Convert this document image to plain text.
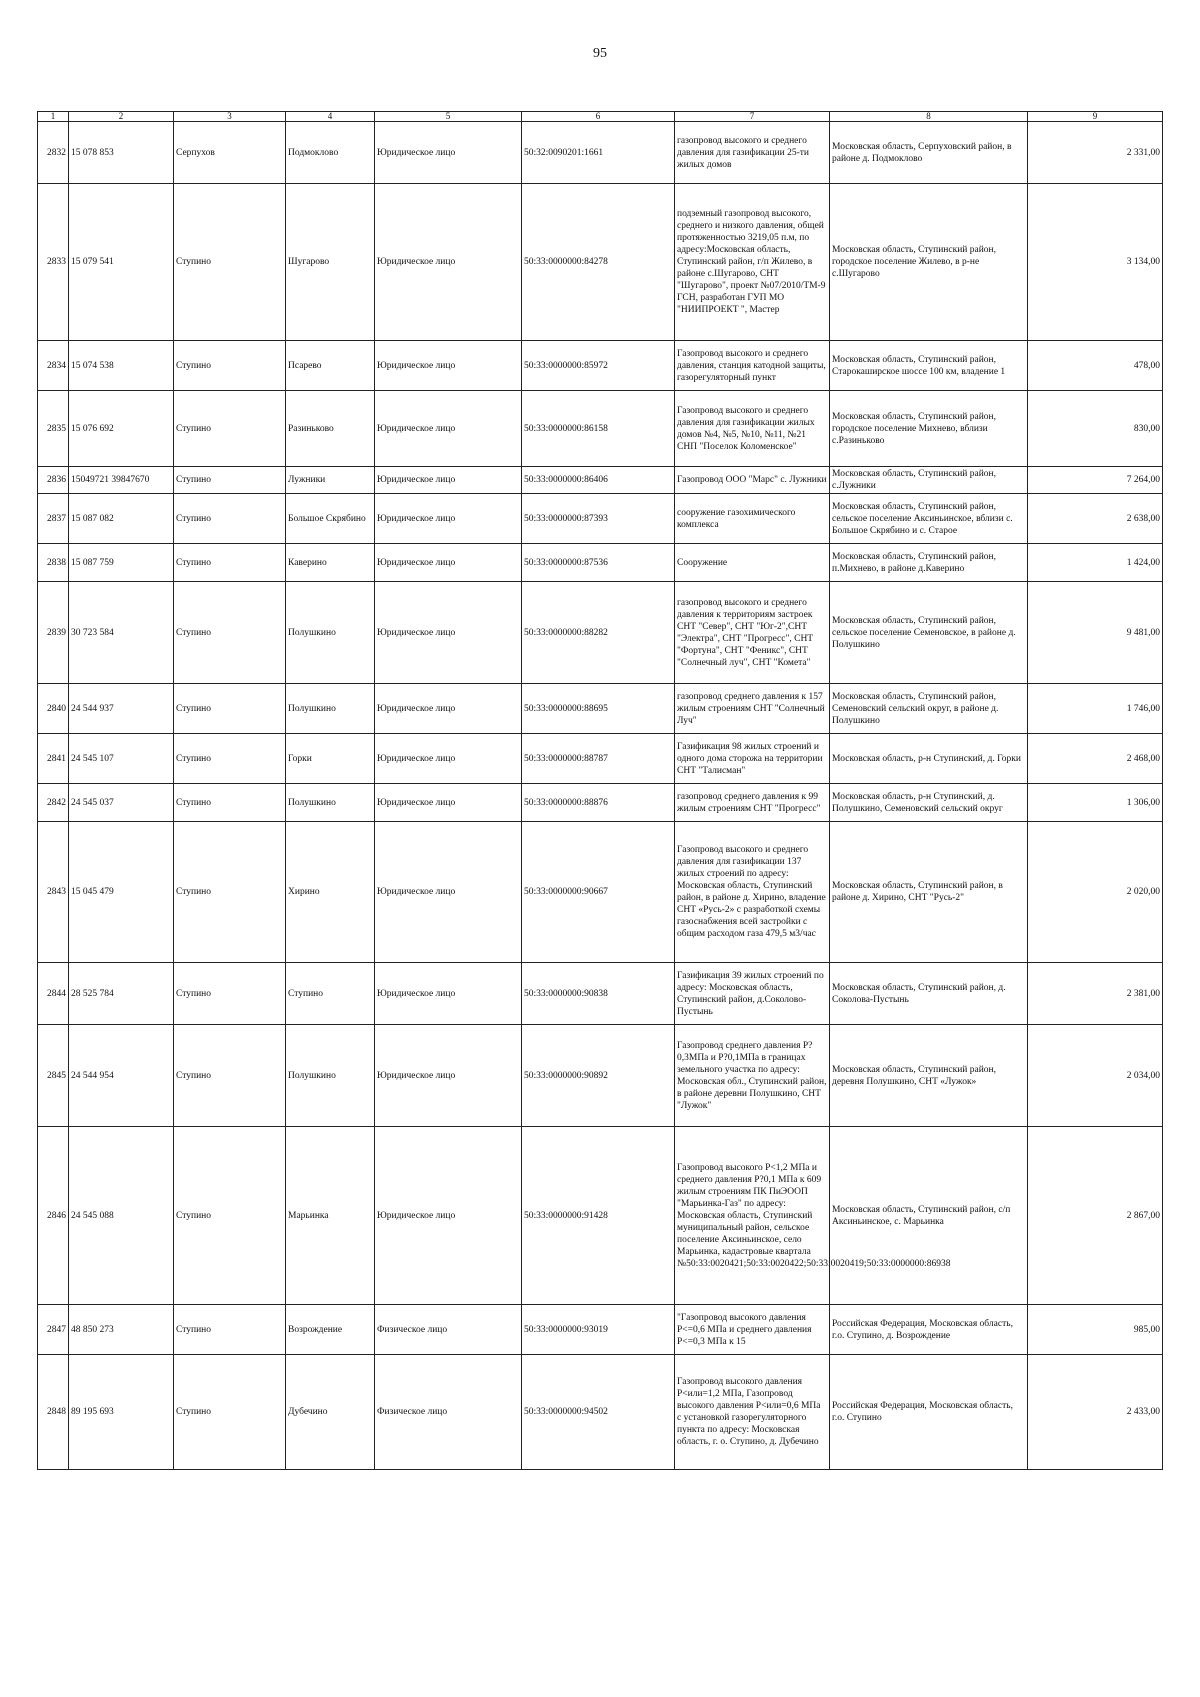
95
1	2	3	4	5	6	7	8	9
2832	15 078 853	Серпухов	Подмоклово	Юридическое лицо	50:32:0090201:1661	газопровод высокого и среднего давления для газификации 25-ти жилых домов	Московская область, Серпуховский район, в районе д. Подмоклово	2 331,00
2833	15 079 541	Ступино	Шугарово	Юридическое лицо	50:33:0000000:84278	подземный газопровод высокого, среднего и низкого давления, общей протяженностью 3219,05 п.м, по адресу:Московская область, Ступинский район, г/п Жилево, в районе с.Шугарово, СНТ "Шугарово", проект №07/2010/ТМ-9 ГСН, разработан ГУП МО "НИИПРОЕКТ ", Мастер	Московская область, Ступинский район, городское поселение Жилево, в р-не с.Шугарово	3 134,00
2834	15 074 538	Ступино	Псарево	Юридическое лицо	50:33:0000000:85972	Газопровод высокого и среднего давления, станция катодной защиты, газорегуляторный пункт	Московская область, Ступинский район, Старокаширское шоссе 100 км, владение 1	478,00
2835	15 076 692	Ступино	Разиньково	Юридическое лицо	50:33:0000000:86158	Газопровод высокого и среднего давления для газификации жилых домов №4, №5, №10, №11, №21 СНП "Поселок Коломенское"	Московская область, Ступинский район, городское поселение Михнево, вблизи с.Разиньково	830,00
2836	15049721 39847670	Ступино	Лужники	Юридическое лицо	50:33:0000000:86406	Газопровод ООО "Марс" с. Лужники	Московская область, Ступинский район, с.Лужники	7 264,00
2837	15 087 082	Ступино	Большое Скрябино	Юридическое лицо	50:33:0000000:87393	сооружение газохимического комплекса	Московская область, Ступинский район, сельское поселение Аксиньинское, вблизи с. Большое Скрябино и с. Старое	2 638,00
2838	15 087 759	Ступино	Каверино	Юридическое лицо	50:33:0000000:87536	Сооружение	Московская область, Ступинский район, п.Михнево, в районе д.Каверино	1 424,00
2839	30 723 584	Ступино	Полушкино	Юридическое лицо	50:33:0000000:88282	газопровод высокого и среднего давления к территориям застроек СНТ "Север", СНТ "Юг-2",СНТ "Электра", СНТ "Прогресс", СНТ "Фортуна", СНТ "Феникс", СНТ "Солнечный луч", СНТ "Комета"	Московская область, Ступинский район, сельское поселение Семеновское, в районе д. Полушкино	9 481,00
2840	24 544 937	Ступино	Полушкино	Юридическое лицо	50:33:0000000:88695	газопровод среднего давления к 157 жилым строениям СНТ "Солнечный Луч"	Московская область, Ступинский район, Семеновский сельский округ, в районе д. Полушкино	1 746,00
2841	24 545 107	Ступино	Горки	Юридическое лицо	50:33:0000000:88787	Газификация 98 жилых строений и одного дома сторожа на территории СНТ "Талисман"	Московская область, р-н Ступинский, д. Горки	2 468,00
2842	24 545 037	Ступино	Полушкино	Юридическое лицо	50:33:0000000:88876	газопровод среднего давления к 99 жилым строениям СНТ "Прогресс"	Московская область, р-н Ступинский, д. Полушкино, Семеновский сельский округ	1 306,00
2843	15 045 479	Ступино	Хирино	Юридическое лицо	50:33:0000000:90667	Газопровод высокого и среднего давления для газификации 137 жилых строений по адресу: Московская область, Ступинский район, в районе д. Хирино, владение СНТ «Русь-2» с разработкой схемы газоснабжения всей застройки с общим расходом газа 479,5 м3/час	Московская область, Ступинский район, в районе д. Хирино, СНТ "Русь-2"	2 020,00
2844	28 525 784	Ступино	Ступино	Юридическое лицо	50:33:0000000:90838	Газификация 39 жилых строений по адресу: Московская область, Ступинский район, д.Соколово-Пустынь	Московская область, Ступинский район, д. Соколова-Пустынь	2 381,00
2845	24 544 954	Ступино	Полушкино	Юридическое лицо	50:33:0000000:90892	Газопровод среднего давления P?0,3МПа и P?0,1МПа в границах земельного участка по адресу: Московская обл., Ступинский район, в районе деревни Полушкино, СНТ "Лужок"	Московская область, Ступинский район, деревня Полушкино, СНТ «Лужок»	2 034,00
2846	24 545 088	Ступино	Марьинка	Юридическое лицо	50:33:0000000:91428	Газопровод высокого P<1,2 МПа и среднего давления P?0,1 МПа к 609 жилым строениям ПК ПиЭООП "Марьинка-Газ" по адресу: Московская область, Ступинский муниципальный район, сельское поселение Аксиньинское, село Марьинка, кадастровые квартала №50:33:0020421;50:33:0020422;50:33:0020419;50:33:0000000:86938	Московская область, Ступинский район, с/п Аксиньинское, с. Марьинка	2 867,00
2847	48 850 273	Ступино	Возрождение	Физическое лицо	50:33:0000000:93019	"Газопровод высокого давления P<=0,6 МПа и среднего давления P<=0,3 МПа к 15	Российская Федерация, Московская область, г.о. Ступино, д. Возрождение	985,00
2848	89 195 693	Ступино	Дубечино	Физическое лицо	50:33:0000000:94502	Газопровод высокого давления P<или=1,2 МПа, Газопровод высокого давления P<или=0,6 МПа с установкой газорегуляторного пункта по адресу: Московская область, г. о. Ступино, д. Дубечино	Российская Федерация, Московская область, г.о. Ступино	2 433,00
